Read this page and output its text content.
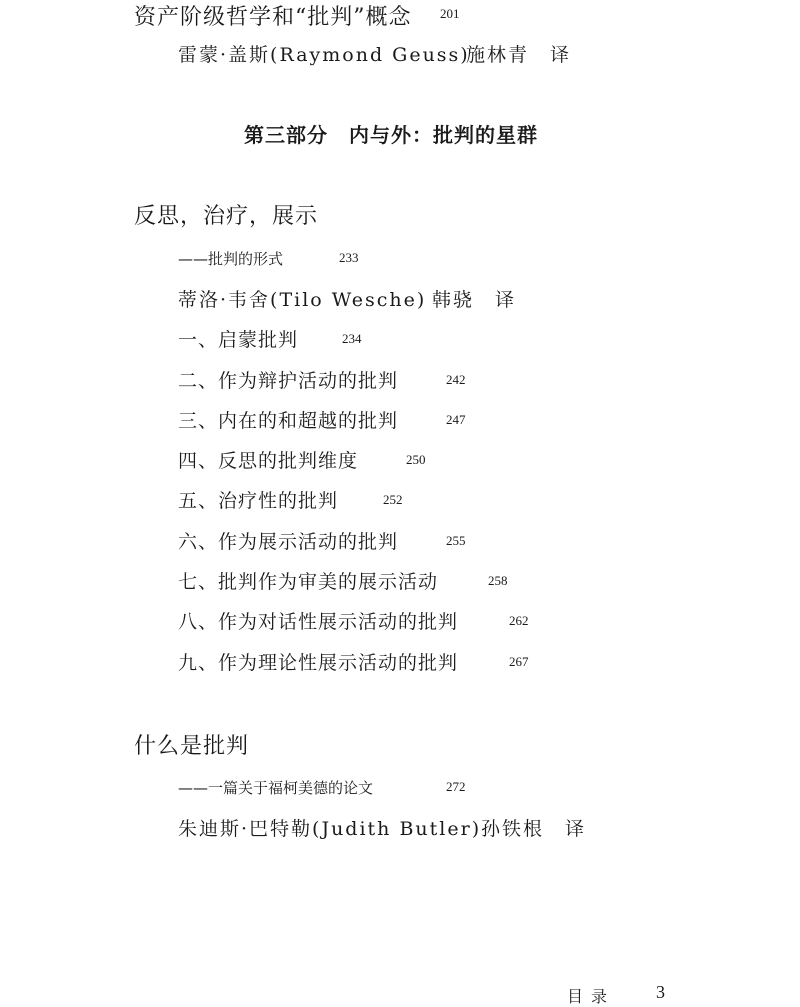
资产阶级哲学和“批判”概念 201
雷蒙·盖斯(Raymond Geuss)
施林青　译
第三部分　内与外：批判的星群
反思，治疗，展示
——批判的形式	233
蒂洛·韦舍(Tilo Wesche) 韩骁　译
一、启蒙批判	234
二、作为辩护活动的批判	242
三、内在的和超越的批判	247
四、反思的批判维度	250
五、治疗性的批判	252
六、作为展示活动的批判	255
七、批判作为审美的展示活动	258
八、作为对话性展示活动的批判	262
九、作为理论性展示活动的批判	267
什么是批判
——一篇关于福柯美德的论文	272
朱迪斯·巴特勒(Judith Butler) 孙铁根　译
目录 3
